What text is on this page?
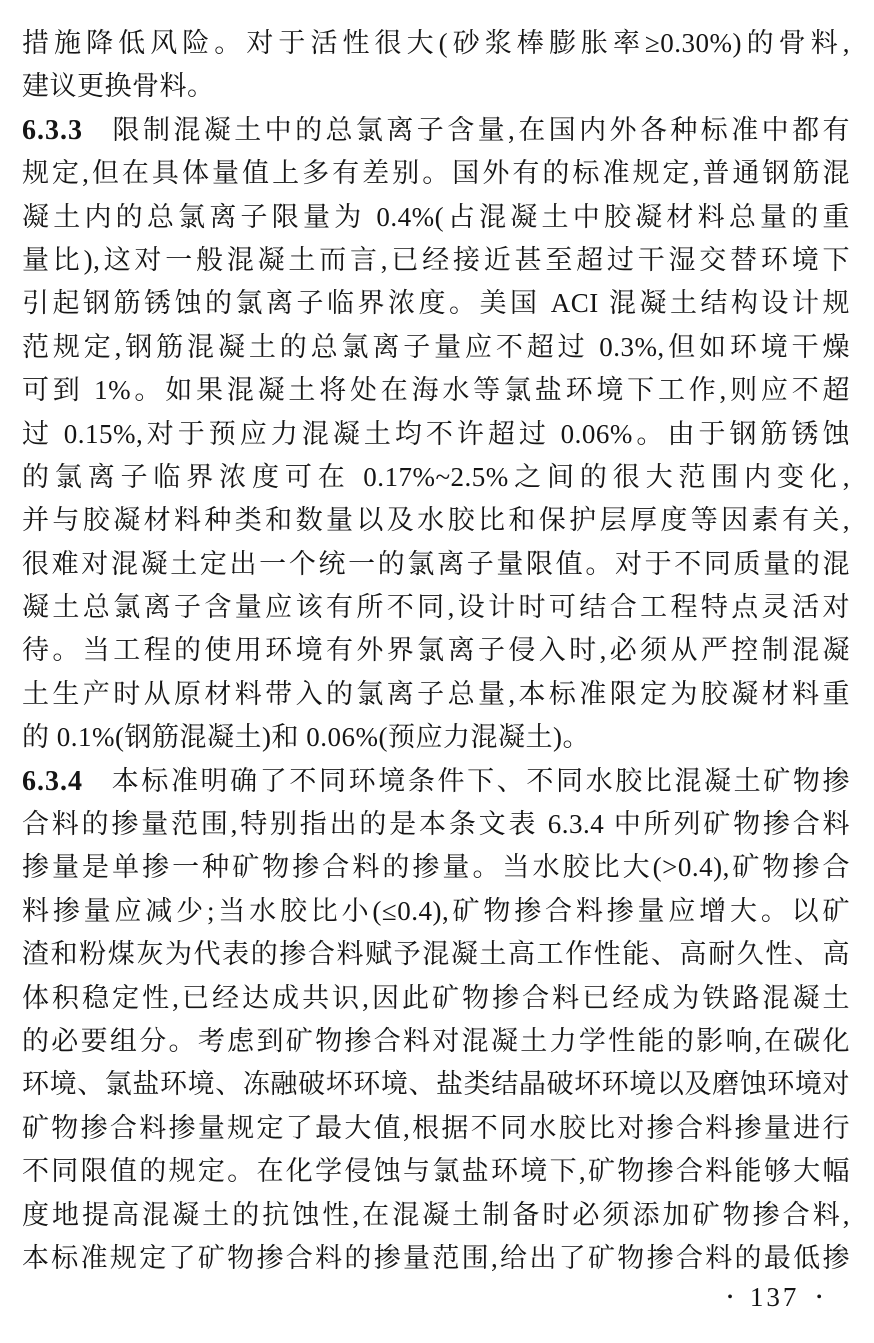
措施降低风险。对于活性很大(砂浆棒膨胀率≥0.30%)的骨料,
建议更换骨料。
6.3.3 限制混凝土中的总氯离子含量,在国内外各种标准中都有
规定,但在具体量值上多有差别。国外有的标准规定,普通钢筋混
凝土内的总氯离子限量为 0.4%(占混凝土中胶凝材料总量的重
量比),这对一般混凝土而言,已经接近甚至超过干湿交替环境下
引起钢筋锈蚀的氯离子临界浓度。美国 ACI 混凝土结构设计规
范规定,钢筋混凝土的总氯离子量应不超过 0.3%,但如环境干燥
可到 1%。如果混凝土将处在海水等氯盐环境下工作,则应不超
过 0.15%,对于预应力混凝土均不许超过 0.06%。由于钢筋锈蚀
的氯离子临界浓度可在 0.17%~2.5%之间的很大范围内变化,
并与胶凝材料种类和数量以及水胶比和保护层厚度等因素有关,
很难对混凝土定出一个统一的氯离子量限值。对于不同质量的混
凝土总氯离子含量应该有所不同,设计时可结合工程特点灵活对
待。当工程的使用环境有外界氯离子侵入时,必须从严控制混凝
土生产时从原材料带入的氯离子总量,本标准限定为胶凝材料重
的 0.1%(钢筋混凝土)和 0.06%(预应力混凝土)。
6.3.4 本标准明确了不同环境条件下、不同水胶比混凝土矿物掺
合料的掺量范围,特别指出的是本条文表 6.3.4 中所列矿物掺合料
掺量是单掺一种矿物掺合料的掺量。当水胶比大(>0.4),矿物掺合
料掺量应减少;当水胶比小(≤0.4),矿物掺合料掺量应增大。以矿
渣和粉煤灰为代表的掺合料赋予混凝土高工作性能、高耐久性、高
体积稳定性,已经达成共识,因此矿物掺合料已经成为铁路混凝土
的必要组分。考虑到矿物掺合料对混凝土力学性能的影响,在碳化
环境、氯盐环境、冻融破坏环境、盐类结晶破坏环境以及磨蚀环境对
矿物掺合料掺量规定了最大值,根据不同水胶比对掺合料掺量进行
不同限值的规定。在化学侵蚀与氯盐环境下,矿物掺合料能够大幅
度地提高混凝土的抗蚀性,在混凝土制备时必须添加矿物掺合料,
本标准规定了矿物掺合料的掺量范围,给出了矿物掺合料的最低掺
• 137 •
